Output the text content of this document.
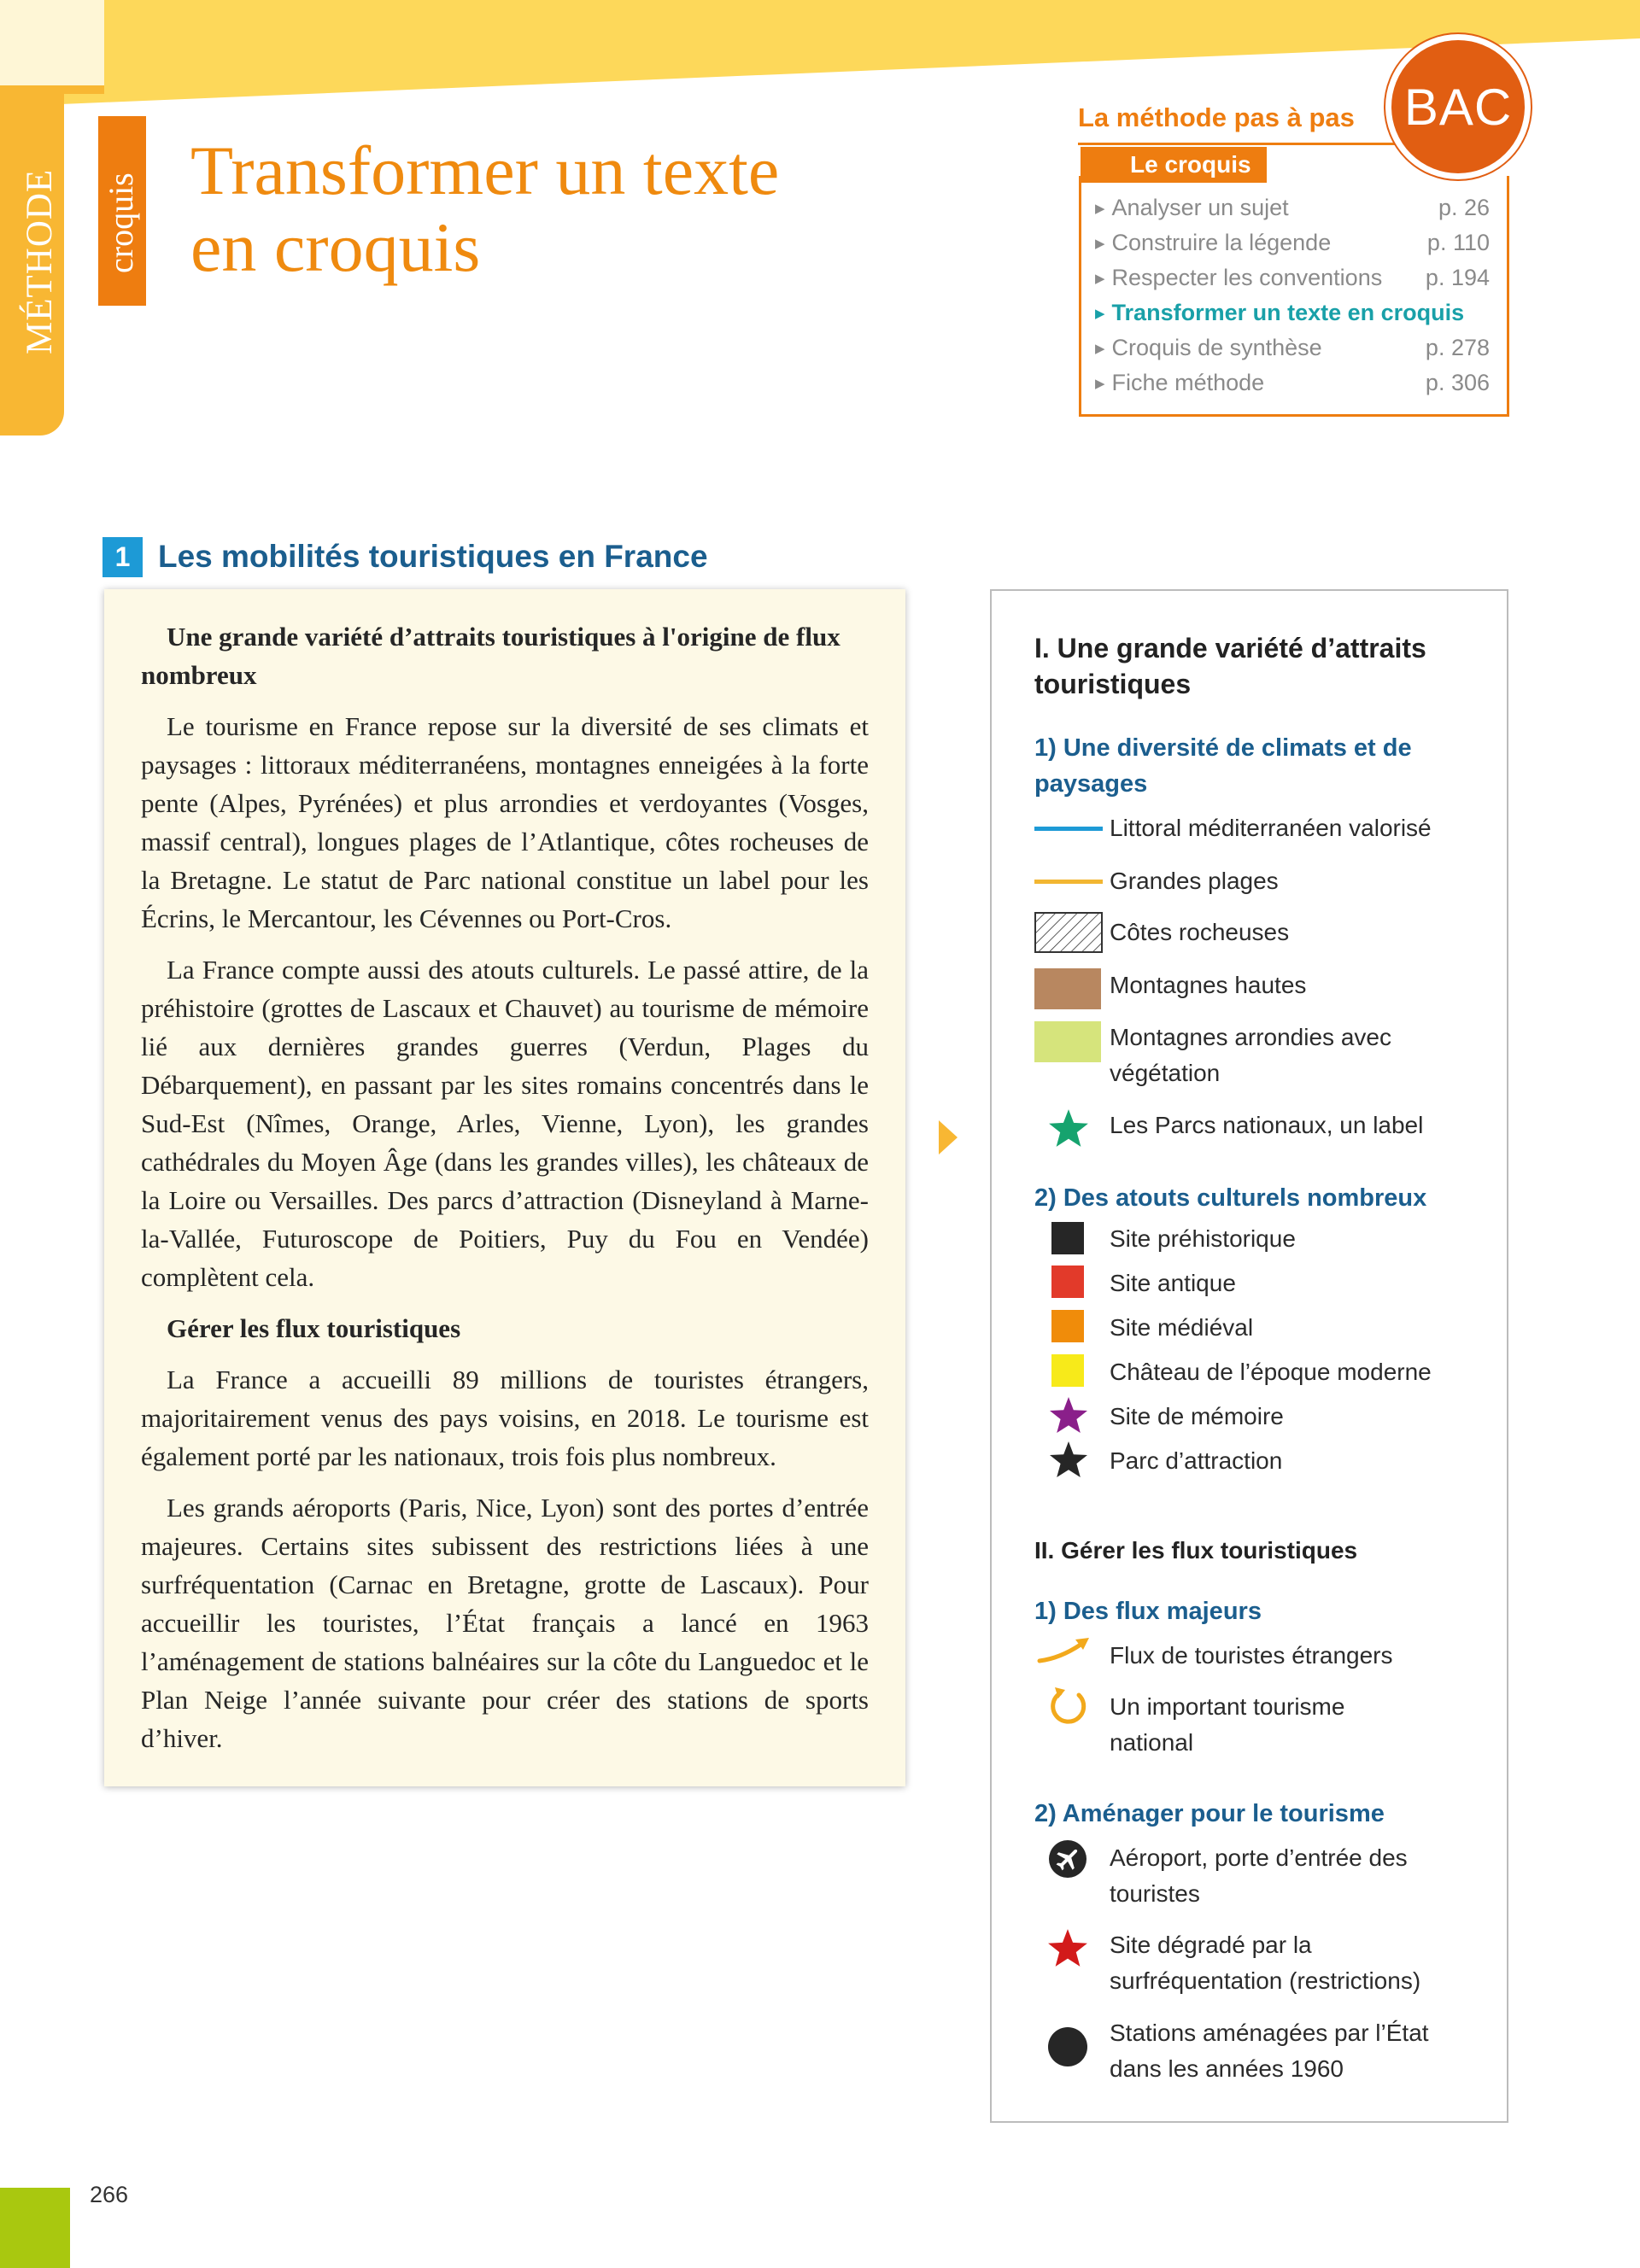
MÉTHODE croquis
Transformer un texte
en croquis
La méthode pas à pas
Le croquis
BAC
▶ Analyser un sujet	p. 26
▶ Construire la légende	p. 110
▶ Respecter les conventions p. 194
▶ Transformer un texte en croquis
▶ Croquis de synthèse	p. 278
▶ Fiche méthode	p. 306
1 Les mobilités touristiques en France
Une grande variété d’attraits touristiques à l'origine de flux nombreux

Le tourisme en France repose sur la diversité de ses climats et paysages : littoraux méditerranéens, montagnes enneigées à la forte pente (Alpes, Pyrénées) et plus arrondies et verdoyantes (Vosges, massif central), longues plages de l’Atlantique, côtes rocheuses de la Bretagne. Le statut de Parc national constitue un label pour les Écrins, le Mercantour, les Cévennes ou Port-Cros.

La France compte aussi des atouts culturels. Le passé attire, de la préhistoire (grottes de Lascaux et Chauvet) au tourisme de mémoire lié aux dernières grandes guerres (Verdun, Plages du Débarquement), en passant par les sites romains concentrés dans le Sud-Est (Nîmes, Orange, Arles, Vienne, Lyon), les grandes cathédrales du Moyen Âge (dans les grandes villes), les châteaux de la Loire ou Versailles. Des parcs d’attraction (Disneyland à Marne-la-Vallée, Futuroscope de Poitiers, Puy du Fou en Vendée) complètent cela.

Gérer les flux touristiques

La France a accueilli 89 millions de touristes étrangers, majoritairement venus des pays voisins, en 2018. Le tourisme est également porté par les nationaux, trois fois plus nombreux.

Les grands aéroports (Paris, Nice, Lyon) sont des portes d’entrée majeures. Certains sites subissent des restrictions liées à une surfréquentation (Carnac en Bretagne, grotte de Lascaux). Pour accueillir les touristes, l’État français a lancé en 1963 l’aménagement de stations balnéaires sur la côte du Languedoc et le Plan Neige l’année suivante pour créer des stations de sports d’hiver.

I. Une grande variété d’attraits touristiques
1) Une diversité de climats et de paysages
Littoral méditerranéen valorisé
Grandes plages
Côtes rocheuses
Montagnes hautes
Montagnes arrondies avec végétation
Les Parcs nationaux, un label
2) Des atouts culturels nombreux
Site préhistorique
Site antique
Site médiéval
Château de l’époque moderne
Site de mémoire
Parc d’attraction
II. Gérer les flux touristiques
1) Des flux majeurs
Flux de touristes étrangers
Un important tourisme national
2) Aménager pour le tourisme
Aéroport, porte d’entrée des touristes
Site dégradé par la surfréquentation (restrictions)
Stations aménagées par l’État dans les années 1960
266
